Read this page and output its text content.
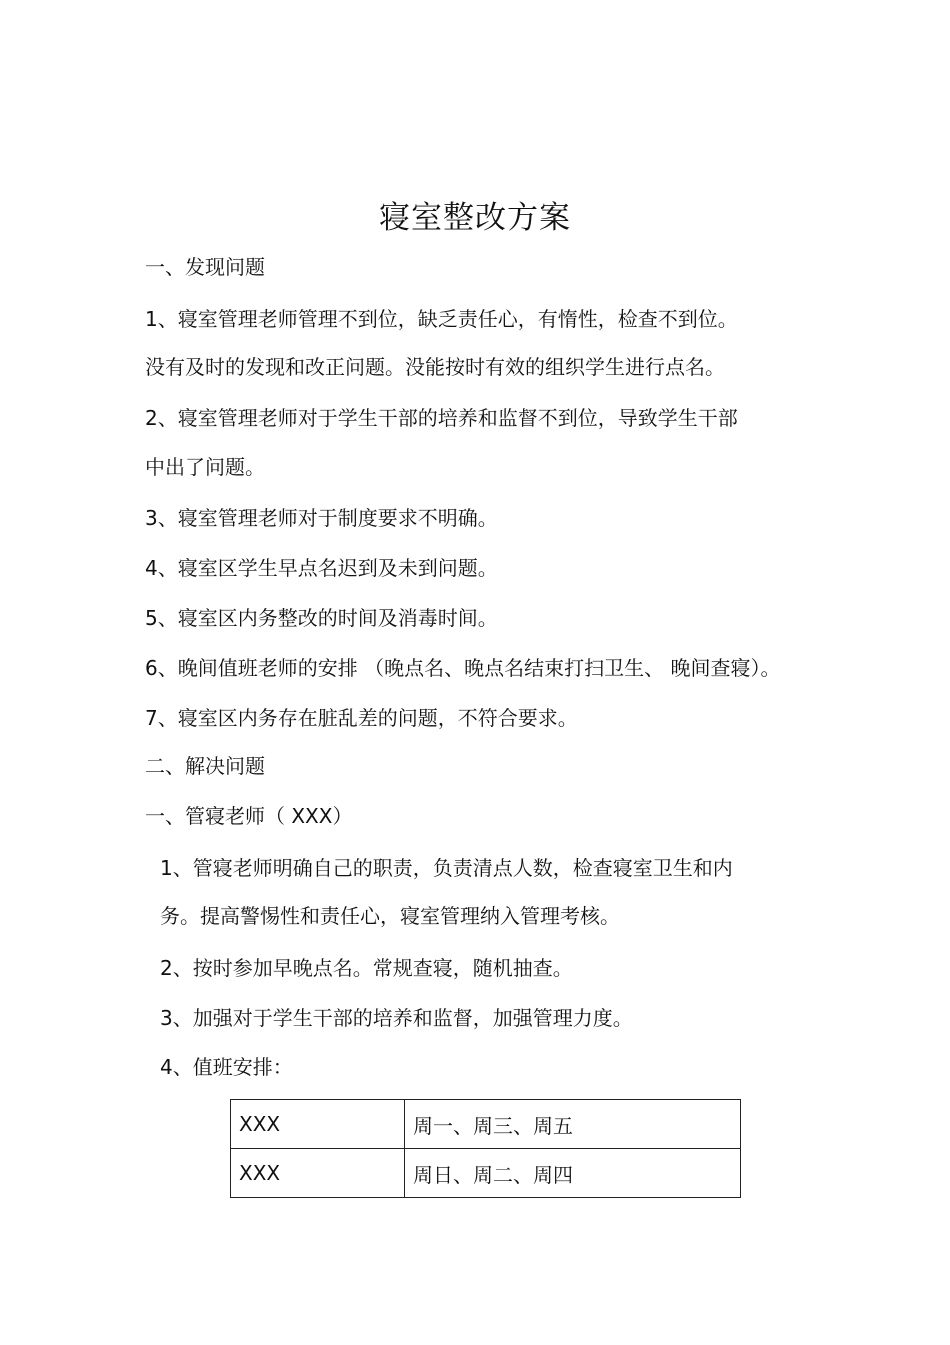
寝室整改方案
一、发现问题
1、寝室管理老师管理不到位，缺乏责任心，有惰性，检查不到位。
没有及时的发现和改正问题。没能按时有效的组织学生进行点名。
2、寝室管理老师对于学生干部的培养和监督不到位，导致学生干部
中出了问题。
3、寝室管理老师对于制度要求不明确。
4、寝室区学生早点名迟到及未到问题。
5、寝室区内务整改的时间及消毒时间。
6、晚间值班老师的安排 （晚点名、晚点名结束打扫卫生、 晚间查寝）。
7、寝室区内务存在脏乱差的问题，不符合要求。
二、解决问题
一、管寝老师（ XXX）
1、管寝老师明确自己的职责，负责清点人数，检查寝室卫生和内
务。提高警惕性和责任心，寝室管理纳入管理考核。
2、按时参加早晚点名。常规查寝，随机抽查。
3、加强对于学生干部的培养和监督，加强管理力度。
4、值班安排：
XXX	周一、周三、周五
XXX	周日、周二、周四
